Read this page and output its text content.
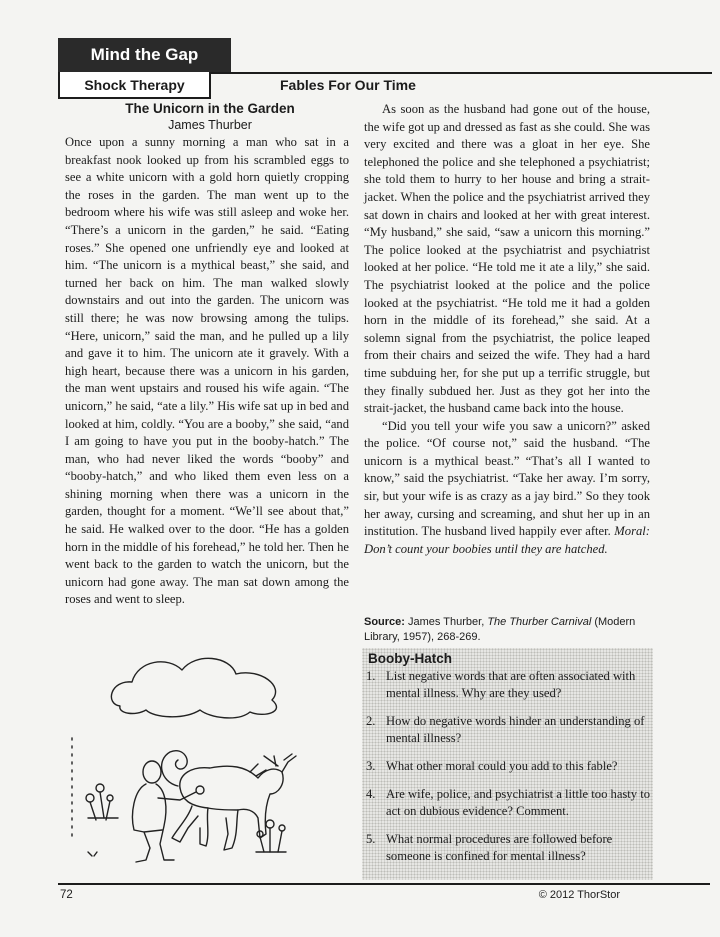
Mind the Gap
Shock Therapy	Fables For Our Time
The Unicorn in the Garden
James Thurber

Once upon a sunny morning a man who sat in a breakfast nook looked up from his scrambled eggs to see a white unicorn with a gold horn quietly cropping the roses in the garden. The man went up to the bedroom where his wife was still asleep and woke her. “There’s a unicorn in the garden,” he said. “Eating roses.” She opened one unfriendly eye and looked at him. “The unicorn is a mythical beast,” she said, and turned her back on him. The man walked slowly downstairs and out into the garden. The unicorn was still there; he was now browsing among the tulips. “Here, unicorn,” said the man, and he pulled up a lily and gave it to him. The unicorn ate it gravely. With a high heart, because there was a unicorn in his garden, the man went upstairs and roused his wife again. “The unicorn,” he said, “ate a lily.” His wife sat up in bed and looked at him, coldly. “You are a booby,” she said, “and I am going to have you put in the booby-hatch.” The man, who had never liked the words “booby” and “booby-hatch,” and who liked them even less on a shining morning when there was a unicorn in the garden, thought for a moment. “We’ll see about that,” he said. He walked over to the door. “He has a golden horn in the middle of his forehead,” he told her. Then he went back to the garden to watch the unicorn, but the unicorn had gone away. The man sat down among the roses and went to sleep.

As soon as the husband had gone out of the house, the wife got up and dressed as fast as she could. She was very excited and there was a gloat in her eye. She telephoned the police and she telephoned a psychiatrist; she told them to hurry to her house and bring a strait-jacket. When the police and the psychiatrist arrived they sat down in chairs and looked at her with great interest. “My husband,” she said, “saw a unicorn this morning.” The police looked at the psychiatrist and psychiatrist looked at her police. “He told me it ate a lily,” she said. The psychiatrist looked at the police and the police looked at the psychiatrist. “He told me it had a golden horn in the middle of its forehead,” she said. At a solemn signal from the psychiatrist, the police leaped from their chairs and seized the wife. They had a hard time subduing her, for she put up a terrific struggle, but they finally subdued her. Just as they got her into the strait-jacket, the husband came back into the house.

“Did you tell your wife you saw a unicorn?” asked the police. “Of course not,” said the husband. “The unicorn is a mythical beast.” “That’s all I wanted to know,” said the psychiatrist. “Take her away. I’m sorry, sir, but your wife is as crazy as a jay bird.” So they took her away, cursing and screaming, and shut her up in an institution. The husband lived happily ever after. Moral: Don’t count your boobies until they are hatched.

Source: James Thurber, The Thurber Carnival (Modern Library, 1957), 268-269.
Booby-Hatch
1. List negative words that are often associated with mental illness. Why are they used?
2. How do negative words hinder an understanding of mental illness?
3. What other moral could you add to this fable?
4. Are wife, police, and psychiatrist a little too hasty to act on dubious evidence? Comment.
5. What normal procedures are followed before someone is confined for mental illness?
72	© 2012 ThorStor
